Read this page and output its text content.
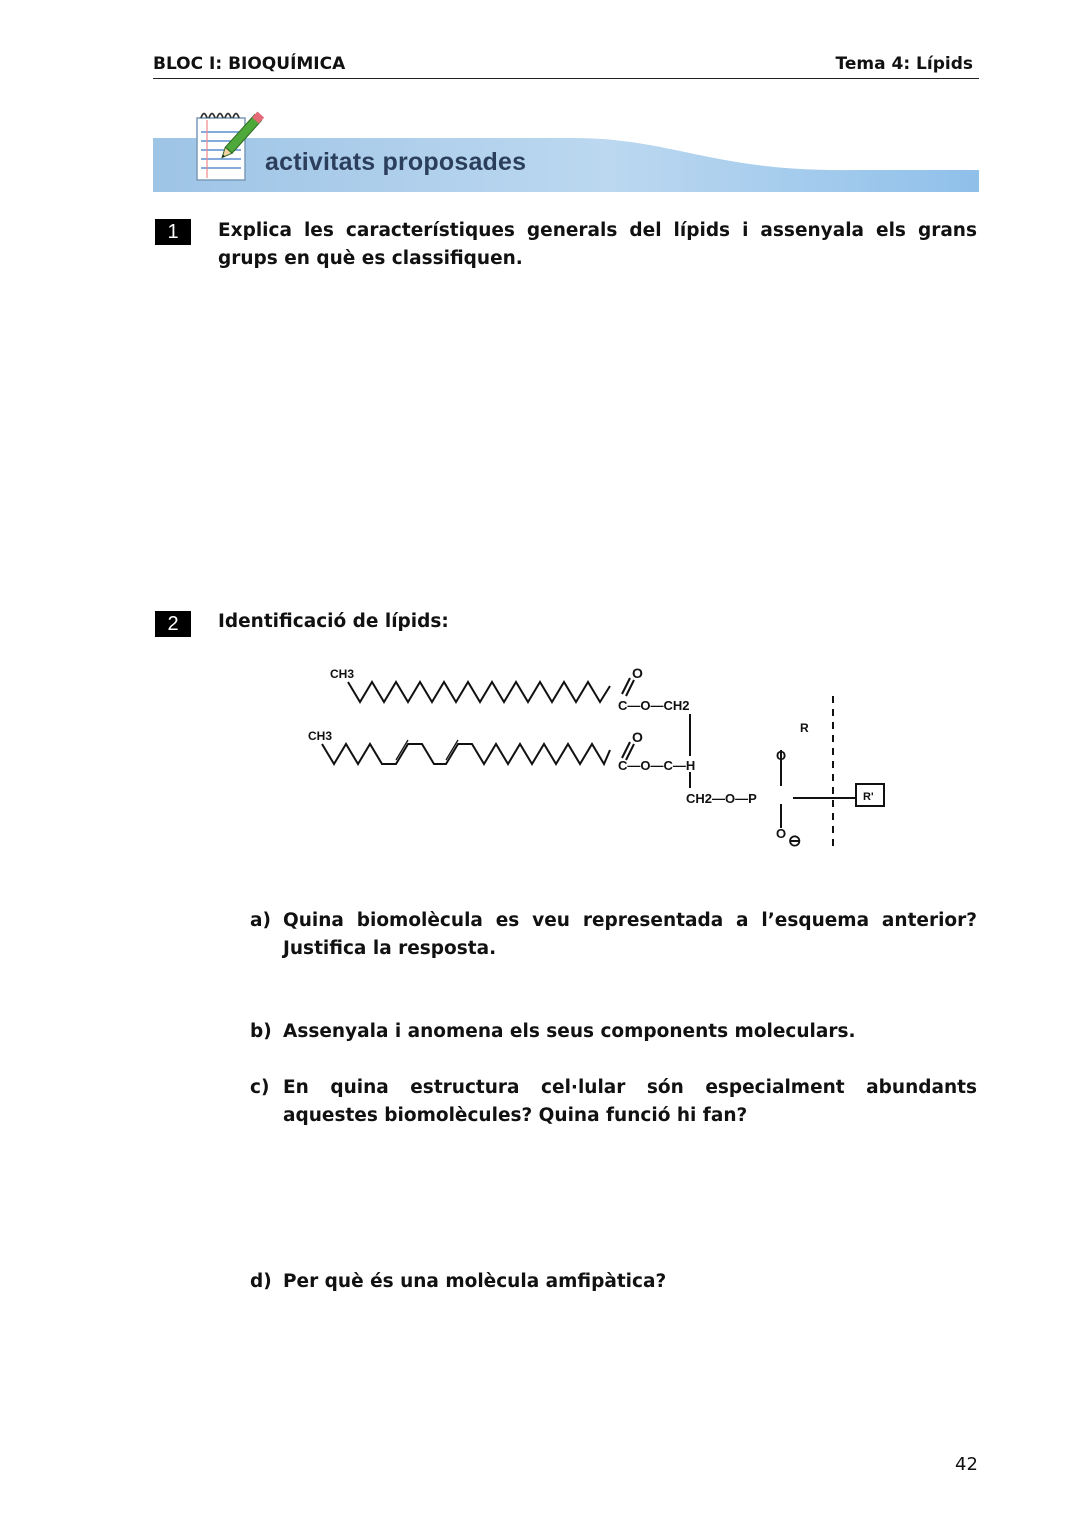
BLOC I: BIOQUÍMICA	Tema 4: Lípids
activitats proposades
1	Explica les característiques generals del lípids i assenyala els grans grups en què es classifiquen.
2	Identificació de lípids:
CH3
CH3
O
O
C—O—CH2
C—O—C—H
CH2—O—P
O
O ⊖
R
R'
a) Quina biomolècula es veu representada a l’esquema anterior? Justifica la resposta.
b) Assenyala i anomena els seus components moleculars.
c) En quina estructura cel·lular són especialment abundants aquestes biomolècules? Quina funció hi fan?
d) Per què és una molècula amfipàtica?
42
